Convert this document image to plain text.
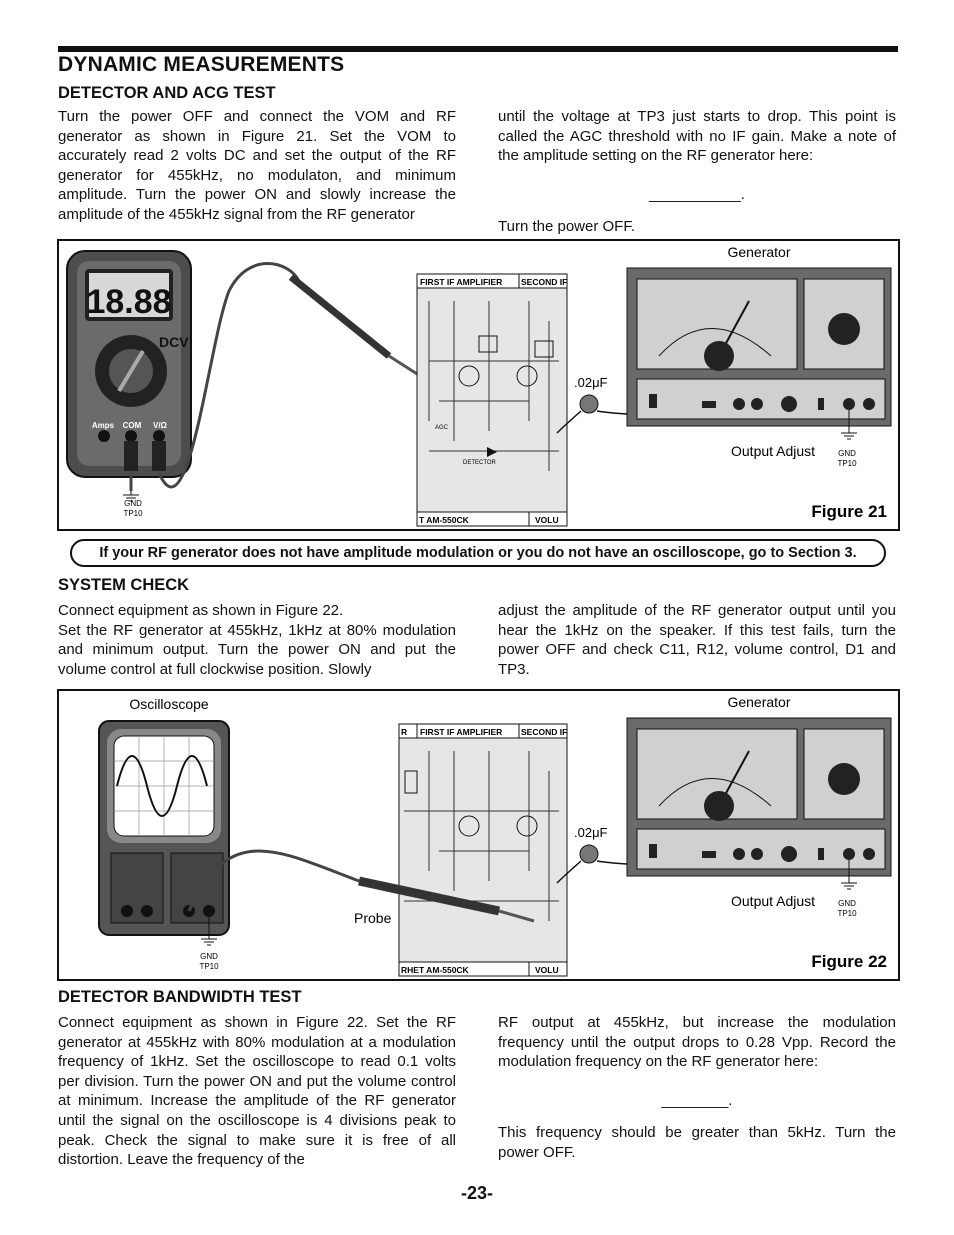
DYNAMIC MEASUREMENTS
DETECTOR AND ACG TEST

Turn the power OFF and connect the VOM and RF generator as shown in Figure 21. Set the VOM to accurately read 2 volts DC and set the output of the RF generator for 455kHz, no modulaton, and minimum amplitude. Turn the power ON and slowly increase the amplitude of the 455kHz signal from the RF generator

until the voltage at TP3 just starts to drop. This point is called the AGC threshold with no IF gain. Make a note of the amplitude setting on the RF generator here:

___________.

Turn the power OFF.

18.88
DCV
Amps COM V/Ω
GND
TP10
FIRST IF AMPLIFIER SECOND IF
T AM-550CK	VOLU
DETECTOR
AGC
.02μF
Generator
Output Adjust	GND
TP10
Figure 21
If your RF generator does not have amplitude modulation or you do not have an oscilloscope, go to Section 3.
SYSTEM CHECK

Connect equipment as shown in Figure 22.

Set the RF generator at 455kHz, 1kHz at 80% modulation and minimum output. Turn the power ON and put the volume control at full clockwise position. Slowly

adjust the amplitude of the RF generator output until you hear the 1kHz on the speaker. If this test fails, turn the power OFF and check C11, R12, volume control, D1 and TP3.

Oscilloscope
GND
TP10
R FIRST IF AMPLIFIER SECOND IF
RHET AM-550CK	VOLU
Probe
.02μF
Generator
Output Adjust	GND
TP10
Figure 22
DETECTOR BANDWIDTH TEST

Connect equipment as shown in Figure 22. Set the RF generator at 455kHz with 80% modulation at a modulation frequency of 1kHz. Set the oscilloscope to read 0.1 volts per division. Turn the power ON and put the volume control at minimum. Increase the amplitude of the RF generator until the signal on the oscilloscope is 4 divisions peak to peak. Check the signal to make sure it is free of all distortion. Leave the frequency of the

RF output at 455kHz, but increase the modulation frequency until the output drops to 0.28 Vpp. Record the modulation frequency on the RF generator here:

________.

This frequency should be greater than 5kHz. Turn the power OFF.

-23-
